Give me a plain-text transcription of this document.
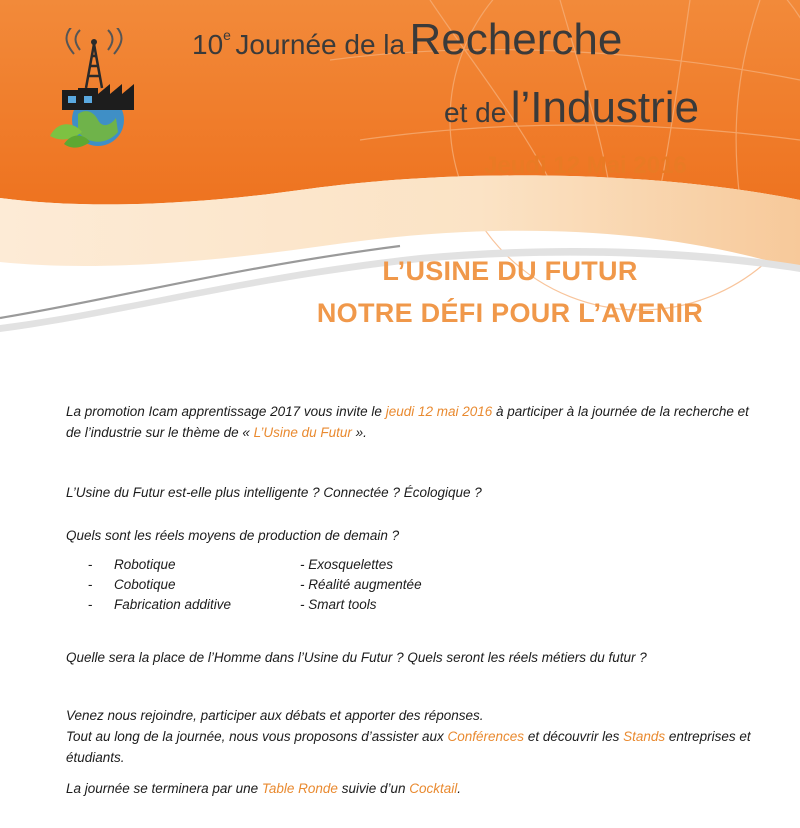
10e Journée de la Recherche
et de l’Industrie
Jeudi 12 Mai 2016
L’USINE DU FUTUR
NOTRE DÉFI POUR L’AVENIR
La promotion Icam apprentissage 2017 vous invite le jeudi 12 mai 2016 à participer à la journée de la recherche et de l’industrie sur le thème de « L’Usine du Futur ».
L’Usine du Futur est-elle plus intelligente ? Connectée ? Écologique ?
Quels sont les réels moyens de production de demain ?
- Robotique	- Exosquelettes
- Cobotique	- Réalité augmentée
- Fabrication additive	- Smart tools
Quelle sera la place de l’Homme dans l’Usine du Futur ? Quels seront les réels métiers du futur ?
Venez nous rejoindre, participer aux débats et apporter des réponses.
Tout au long de la journée, nous vous proposons d’assister aux Conférences et découvrir les Stands entreprises et étudiants.
La journée se terminera par une Table Ronde suivie d’un Cocktail.
